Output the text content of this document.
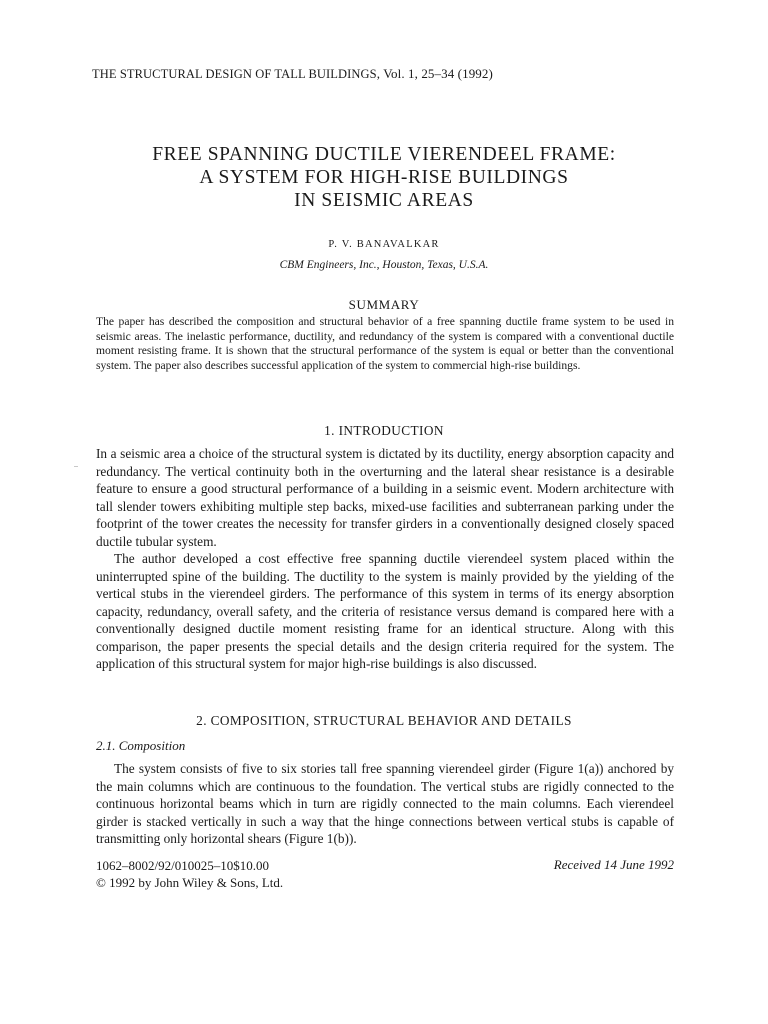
THE STRUCTURAL DESIGN OF TALL BUILDINGS, Vol. 1, 25–34 (1992)
FREE SPANNING DUCTILE VIERENDEEL FRAME:
A SYSTEM FOR HIGH-RISE BUILDINGS
IN SEISMIC AREAS
P. V. BANAVALKAR
CBM Engineers, Inc., Houston, Texas, U.S.A.
SUMMARY
The paper has described the composition and structural behavior of a free spanning ductile frame system to be used in seismic areas. The inelastic performance, ductility, and redundancy of the system is compared with a conventional ductile moment resisting frame. It is shown that the structural performance of the system is equal or better than the conventional system. The paper also describes successful application of the system to commercial high-rise buildings.
1. INTRODUCTION

In a seismic area a choice of the structural system is dictated by its ductility, energy absorption capacity and redundancy. The vertical continuity both in the overturning and the lateral shear resistance is a desirable feature to ensure a good structural performance of a building in a seismic event. Modern architecture with tall slender towers exhibiting multiple step backs, mixed-use facilities and subterranean parking under the footprint of the tower creates the necessity for transfer girders in a conventionally designed closely spaced ductile tubular system.

The author developed a cost effective free spanning ductile vierendeel system placed within the uninterrupted spine of the building. The ductility to the system is mainly provided by the yielding of the vertical stubs in the vierendeel girders. The performance of this system in terms of its energy absorption capacity, redundancy, overall safety, and the criteria of resistance versus demand is compared here with a conventionally designed ductile moment resisting frame for an identical structure. Along with this comparison, the paper presents the special details and the design criteria required for the system. The application of this structural system for major high-rise buildings is also discussed.

2. COMPOSITION, STRUCTURAL BEHAVIOR AND DETAILS
2.1. Composition

The system consists of five to six stories tall free spanning vierendeel girder (Figure 1(a)) anchored by the main columns which are continuous to the foundation. The vertical stubs are rigidly connected to the continuous horizontal beams which in turn are rigidly connected to the main columns. Each vierendeel girder is stacked vertically in such a way that the hinge connections between vertical stubs is capable of transmitting only horizontal shears (Figure 1(b)).

1062–8002/92/010025–10$10.00
© 1992 by John Wiley & Sons, Ltd.
Received 14 June 1992
